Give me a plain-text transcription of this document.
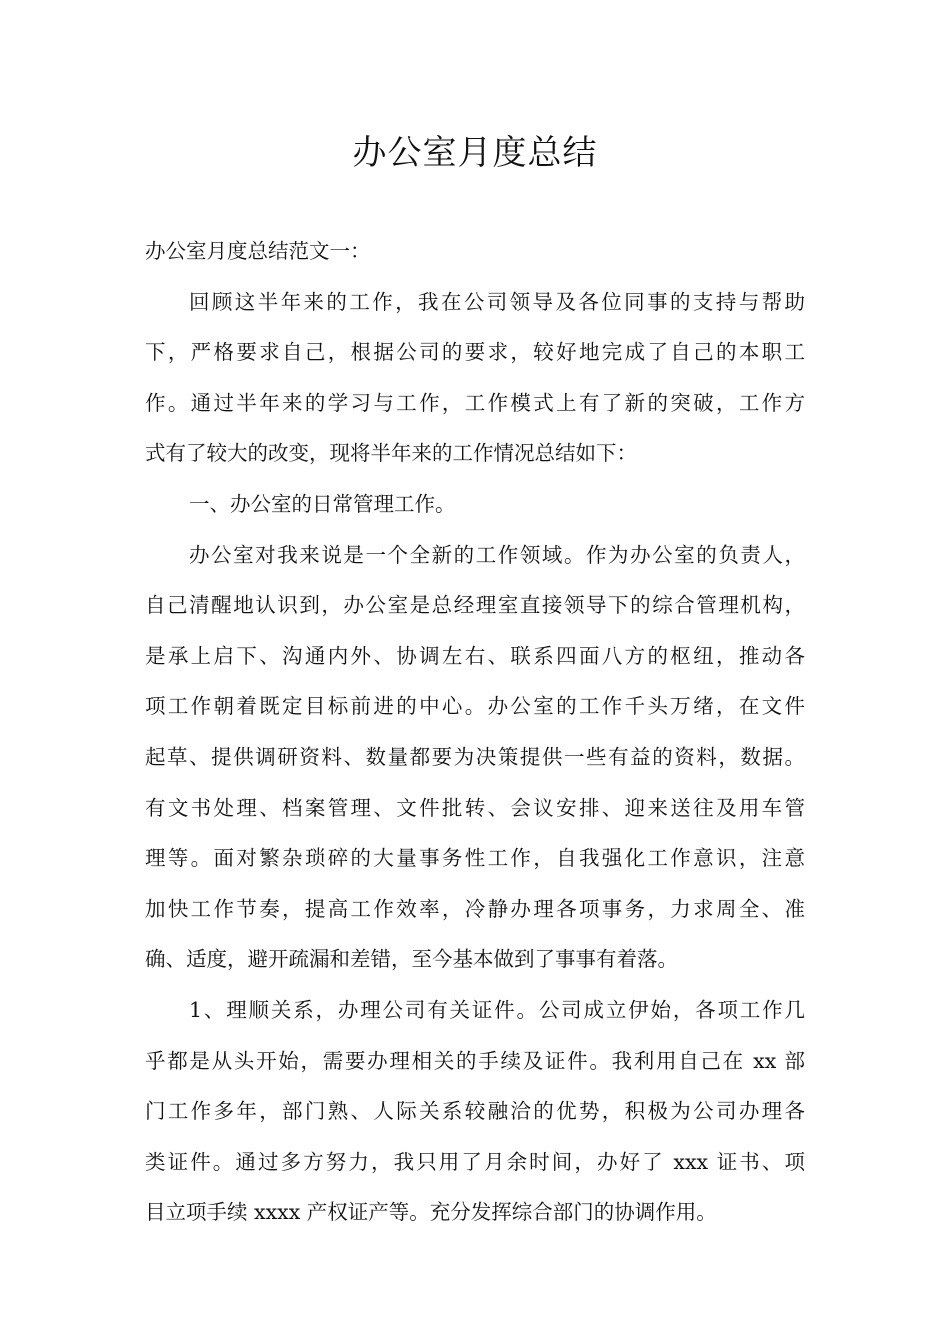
办公室月度总结
办公室月度总结范文一：
回顾这半年来的工作，我在公司领导及各位同事的支持与帮助
下，严格要求自己，根据公司的要求，较好地完成了自己的本职工
作。通过半年来的学习与工作，工作模式上有了新的突破，工作方
式有了较大的改变，现将半年来的工作情况总结如下：
一、办公室的日常管理工作。
办公室对我来说是一个全新的工作领域。作为办公室的负责人，
自己清醒地认识到，办公室是总经理室直接领导下的综合管理机构，
是承上启下、沟通内外、协调左右、联系四面八方的枢纽，推动各
项工作朝着既定目标前进的中心。办公室的工作千头万绪，在文件
起草、提供调研资料、数量都要为决策提供一些有益的资料，数据。
有文书处理、档案管理、文件批转、会议安排、迎来送往及用车管
理等。面对繁杂琐碎的大量事务性工作，自我强化工作意识，注意
加快工作节奏，提高工作效率，冷静办理各项事务，力求周全、准
确、适度，避开疏漏和差错，至今基本做到了事事有着落。
1、理顺关系，办理公司有关证件。公司成立伊始，各项工作几
乎都是从头开始，需要办理相关的手续及证件。我利用自己在 xx 部
门工作多年，部门熟、人际关系较融洽的优势，积极为公司办理各
类证件。通过多方努力，我只用了月余时间，办好了 xxx 证书、项
目立项手续 xxxx 产权证产等。充分发挥综合部门的协调作用。
